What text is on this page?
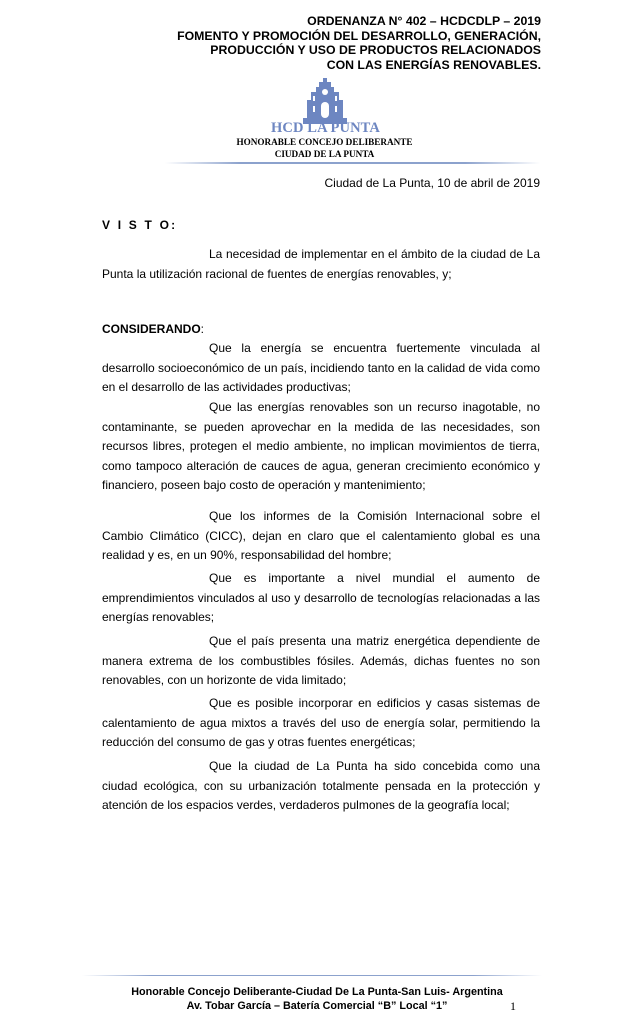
ORDENANZA N° 402 – HCDCDLP – 2019
FOMENTO Y PROMOCIÓN DEL DESARROLLO, GENERACIÓN,
PRODUCCIÓN Y USO DE PRODUCTOS RELACIONADOS
CON LAS ENERGÍAS RENOVABLES.
HCD LA PUNTA
HONORABLE CONCEJO DELIBERANTE
CIUDAD DE LA PUNTA
Ciudad de La Punta, 10 de abril de 2019
V I S T O:

La necesidad de implementar en el ámbito de la ciudad de La Punta la utilización racional de fuentes de energías renovables, y;

CONSIDERANDO:

Que la energía se encuentra fuertemente vinculada al desarrollo socioeconómico de un país, incidiendo tanto en la calidad de vida como en el desarrollo de las actividades productivas;

Que las energías renovables son un recurso inagotable, no contaminante, se pueden aprovechar en la medida de las necesidades, son recursos libres, protegen el medio ambiente, no implican movimientos de tierra, como tampoco alteración de cauces de agua, generan crecimiento económico y financiero, poseen bajo costo de operación y mantenimiento;

Que los informes de la Comisión Internacional sobre el Cambio Climático (CICC), dejan en claro que el calentamiento global es una realidad y es, en un 90%, responsabilidad del hombre;

Que es importante a nivel mundial el aumento de emprendimientos vinculados al uso y desarrollo de tecnologías relacionadas a las energías renovables;

Que el país presenta una matriz energética dependiente de manera extrema de los combustibles fósiles. Además, dichas fuentes no son renovables, con un horizonte de vida limitado;

Que es posible incorporar en edificios y casas sistemas de calentamiento de agua mixtos a través del uso de energía solar, permitiendo la reducción del consumo de gas y otras fuentes energéticas;

Que la ciudad de La Punta ha sido concebida como una ciudad ecológica, con su urbanización totalmente pensada en la protección y atención de los espacios verdes, verdaderos pulmones de la geografía local;

Honorable Concejo Deliberante-Ciudad De La Punta-San Luis- Argentina
Av. Tobar García – Batería Comercial “B” Local “1”	1
